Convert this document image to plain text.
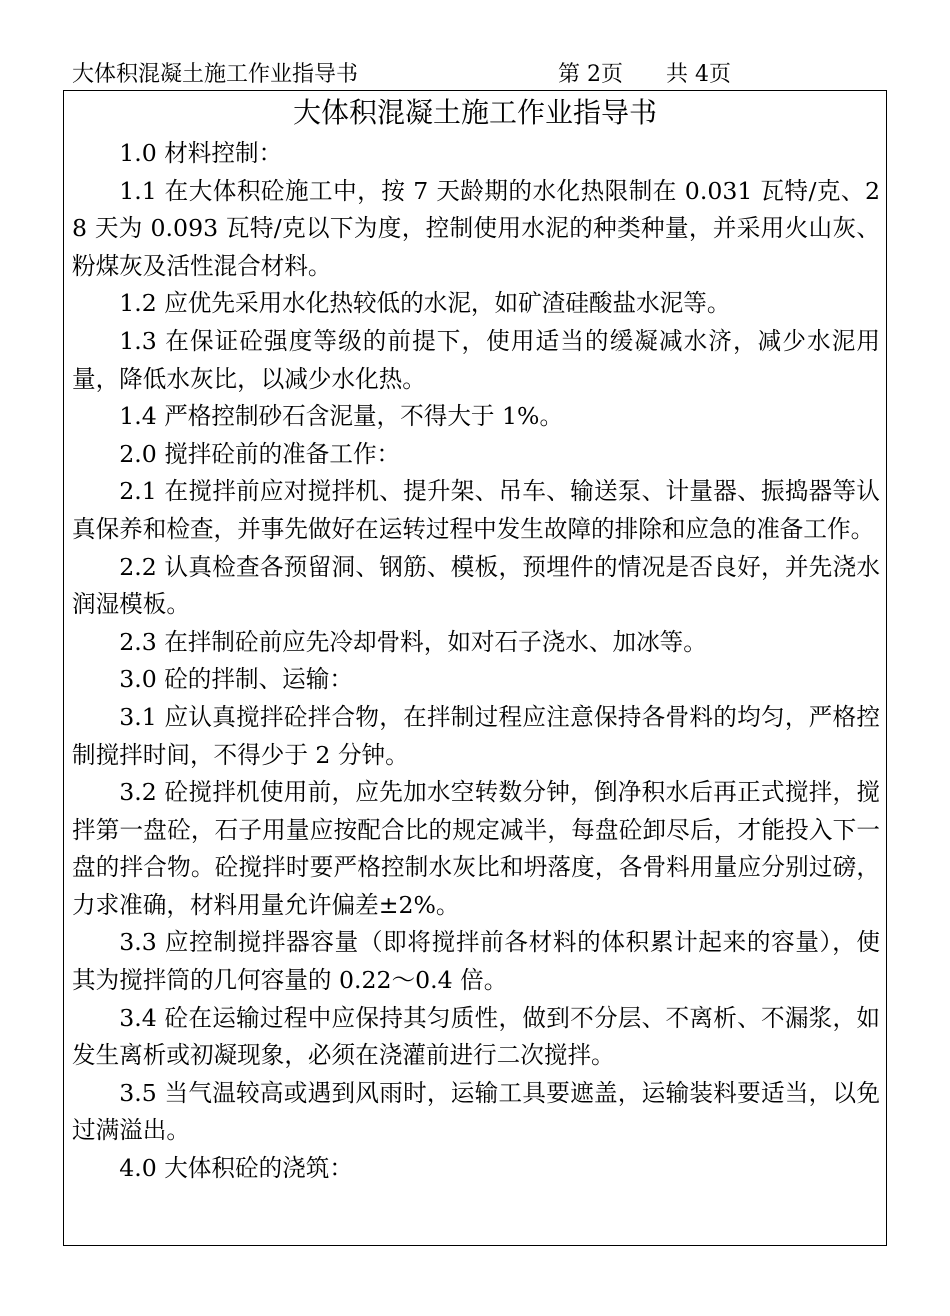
大体积混凝土施工作业指导书	第 2页 共 4页
大体积混凝土施工作业指导书

1.0 材料控制：

1.1 在大体积砼施工中，按 7 天龄期的水化热限制在 0.031 瓦特/克、28 天为 0.093 瓦特/克以下为度，控制使用水泥的种类种量，并采用火山灰、粉煤灰及活性混合材料。

1.2 应优先采用水化热较低的水泥，如矿渣硅酸盐水泥等。

1.3 在保证砼强度等级的前提下，使用适当的缓凝减水济，减少水泥用量，降低水灰比，以减少水化热。

1.4 严格控制砂石含泥量，不得大于 1%。

2.0 搅拌砼前的准备工作：

2.1 在搅拌前应对搅拌机、提升架、吊车、输送泵、计量器、振捣器等认真保养和检查，并事先做好在运转过程中发生故障的排除和应急的准备工作。

2.2 认真检查各预留洞、钢筋、模板，预埋件的情况是否良好，并先浇水润湿模板。

2.3 在拌制砼前应先冷却骨料，如对石子浇水、加冰等。

3.0 砼的拌制、运输：

3.1 应认真搅拌砼拌合物，在拌制过程应注意保持各骨料的均匀，严格控制搅拌时间，不得少于 2 分钟。

3.2 砼搅拌机使用前，应先加水空转数分钟，倒净积水后再正式搅拌，搅拌第一盘砼，石子用量应按配合比的规定减半，每盘砼卸尽后，才能投入下一盘的拌合物。砼搅拌时要严格控制水灰比和坍落度，各骨料用量应分别过磅，力求准确，材料用量允许偏差±2%。

3.3 应控制搅拌器容量（即将搅拌前各材料的体积累计起来的容量），使其为搅拌筒的几何容量的 0.22～0.4 倍。

3.4 砼在运输过程中应保持其匀质性，做到不分层、不离析、不漏浆，如发生离析或初凝现象，必须在浇灌前进行二次搅拌。

3.5 当气温较高或遇到风雨时，运输工具要遮盖，运输装料要适当，以免过满溢出。

4.0 大体积砼的浇筑：
